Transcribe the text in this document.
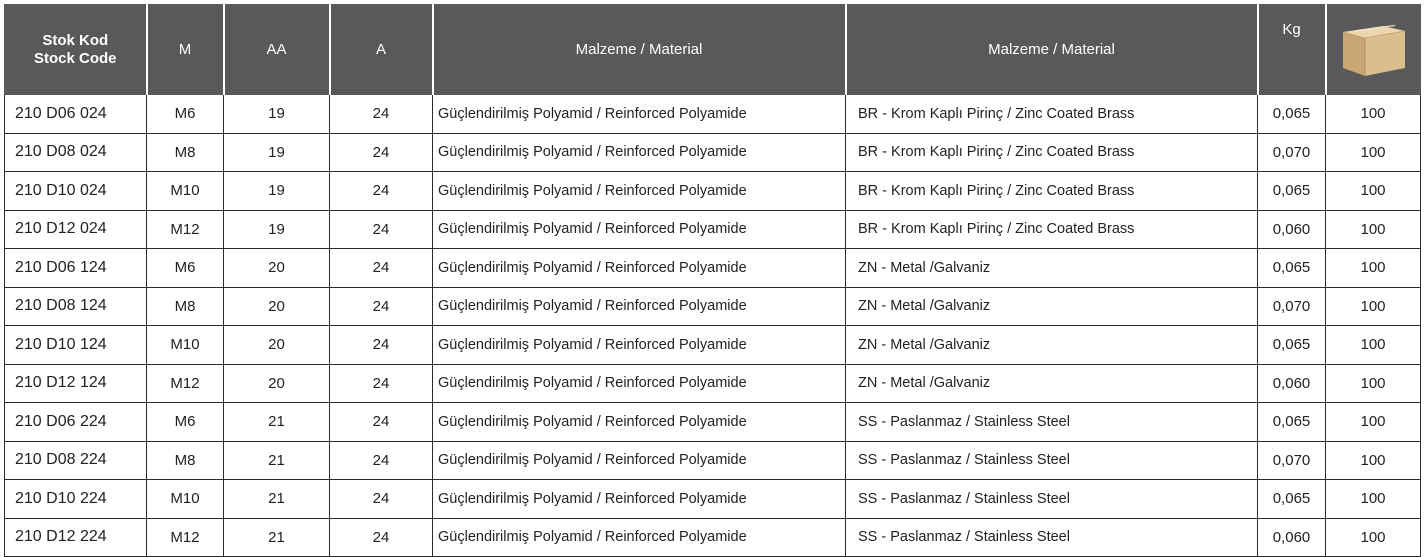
Stok Kod
Stock Code	M	AA	A	Malzeme / Material	Malzeme / Material	Kg	

210 D06 024	M6	19	24	Güçlendirilmiş Polyamid / Reinforced Polyamide	BR - Krom Kaplı Pirinç / Zinc Coated Brass	0,065	100
210 D08 024	M8	19	24	Güçlendirilmiş Polyamid / Reinforced Polyamide	BR - Krom Kaplı Pirinç / Zinc Coated Brass	0,070	100
210 D10 024	M10	19	24	Güçlendirilmiş Polyamid / Reinforced Polyamide	BR - Krom Kaplı Pirinç / Zinc Coated Brass	0,065	100
210 D12 024	M12	19	24	Güçlendirilmiş Polyamid / Reinforced Polyamide	BR - Krom Kaplı Pirinç / Zinc Coated Brass	0,060	100
210 D06 124	M6	20	24	Güçlendirilmiş Polyamid / Reinforced Polyamide	ZN - Metal /Galvaniz	0,065	100
210 D08 124	M8	20	24	Güçlendirilmiş Polyamid / Reinforced Polyamide	ZN - Metal /Galvaniz	0,070	100
210 D10 124	M10	20	24	Güçlendirilmiş Polyamid / Reinforced Polyamide	ZN - Metal /Galvaniz	0,065	100
210 D12 124	M12	20	24	Güçlendirilmiş Polyamid / Reinforced Polyamide	ZN - Metal /Galvaniz	0,060	100
210 D06 224	M6	21	24	Güçlendirilmiş Polyamid / Reinforced Polyamide	SS - Paslanmaz / Stainless Steel	0,065	100
210 D08 224	M8	21	24	Güçlendirilmiş Polyamid / Reinforced Polyamide	SS - Paslanmaz / Stainless Steel	0,070	100
210 D10 224	M10	21	24	Güçlendirilmiş Polyamid / Reinforced Polyamide	SS - Paslanmaz / Stainless Steel	0,065	100
210 D12 224	M12	21	24	Güçlendirilmiş Polyamid / Reinforced Polyamide	SS - Paslanmaz / Stainless Steel	0,060	100
